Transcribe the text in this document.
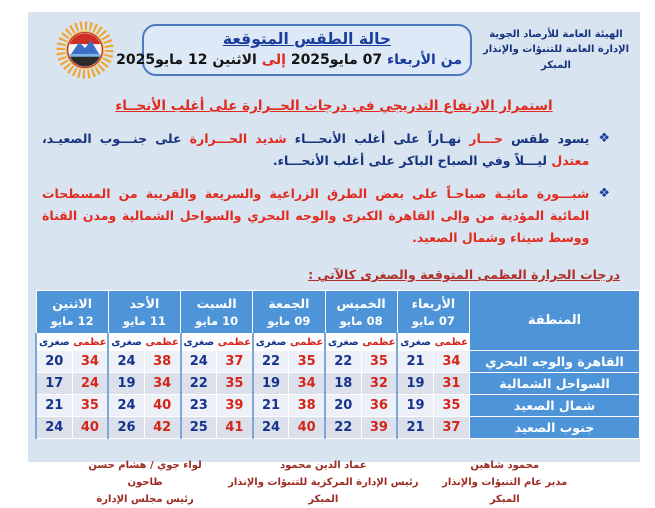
الهيئة العامة للأرصاد الجوية
الإدارة العامة للتنبؤات والإنذار المبكر
حالة الطقس المتوقعة
من الأربعاء 07 مايو2025 إلى الاثنين 12 مايو2025
استمرار الارتفاع التدريجي في درجات الحــرارة على أغلب الأنحــاء
❖
يسود طقس حـــار نهـاراً على أغلب الأنحـــاء شديد الحـــرارة على جنـــوب الصعيـد، معتدل ليـــلاً وفي الصباح الباكر على أغلب الأنحـــاء.
❖
شبـــورة مائيـة صباحـاً على بعض الطرق الزراعية والسريعة والقريبة من المسطحات المائية المؤدية من وإلى القاهرة الكبرى والوجه البحري والسواحل الشمالية ومدن القناة ووسط سيناء وشمال الصعيد.
درجات الحرارة العظمى المتوقعة والصغرى كالآتي :
المنطقة	
الأربعاء
07 مايو

الخميس
08 مايو

الجمعة
09 مايو

السبت
10 مايو

الأحد
11 مايو

الاثنين
12 مايو

	عظمى	صغرى	عظمى	صغرى	عظمى	صغرى	عظمى	صغرى	عظمى	صغرى	عظمى	صغرى
القاهرة والوجه البحري	34	21	35	22	35	22	37	24	38	24	34	20
السواحل الشمالية	31	19	32	18	34	19	35	22	34	19	24	17
شمال الصعيد	35	19	36	20	38	21	39	23	40	24	35	21
جنوب الصعيد	37	21	39	22	40	24	41	25	42	26	40	24
محمود شاهين
مدير عام التنبؤات والإنذار المبكر
عماد الدين محمود
رئيس الإدارة المركزية للتنبؤات والإنذار المبكر
لواء جوي / هشام حسن طاحون
رئيس مجلس الإدارة
